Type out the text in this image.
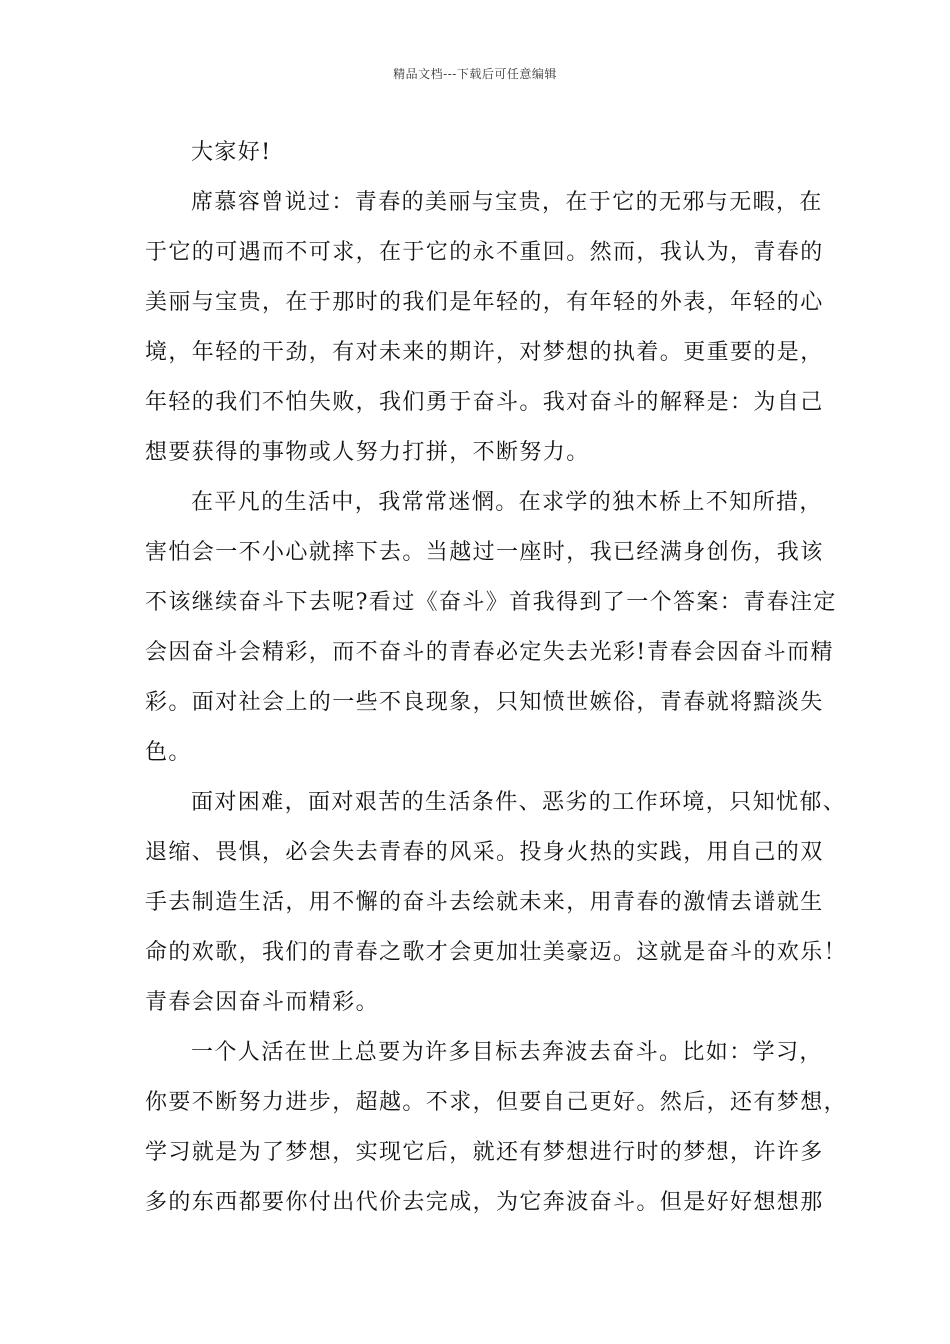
精品文档---下载后可任意编辑

大家好!

席慕容曾说过：青春的美丽与宝贵，在于它的无邪与无暇，在
于它的可遇而不可求，在于它的永不重回。然而，我认为，青春的
美丽与宝贵，在于那时的我们是年轻的，有年轻的外表，年轻的心
境，年轻的干劲，有对未来的期许，对梦想的执着。更重要的是，
年轻的我们不怕失败，我们勇于奋斗。我对奋斗的解释是：为自己
想要获得的事物或人努力打拼，不断努力。

在平凡的生活中，我常常迷惘。在求学的独木桥上不知所措，
害怕会一不小心就摔下去。当越过一座时，我已经满身创伤，我该
不该继续奋斗下去呢?看过《奋斗》首我得到了一个答案：青春注定
会因奋斗会精彩，而不奋斗的青春必定失去光彩!青春会因奋斗而精
彩。面对社会上的一些不良现象，只知愤世嫉俗，青春就将黯淡失
色。

面对困难，面对艰苦的生活条件、恶劣的工作环境，只知忧郁、
退缩、畏惧，必会失去青春的风采。投身火热的实践，用自己的双
手去制造生活，用不懈的奋斗去绘就未来，用青春的激情去谱就生
命的欢歌，我们的青春之歌才会更加壮美豪迈。这就是奋斗的欢乐！
青春会因奋斗而精彩。

一个人活在世上总要为许多目标去奔波去奋斗。比如：学习，
你要不断努力进步，超越。不求，但要自己更好。然后，还有梦想，
学习就是为了梦想，实现它后，就还有梦想进行时的梦想，许许多
多的东西都要你付出代价去完成，为它奔波奋斗。但是好好想想那
